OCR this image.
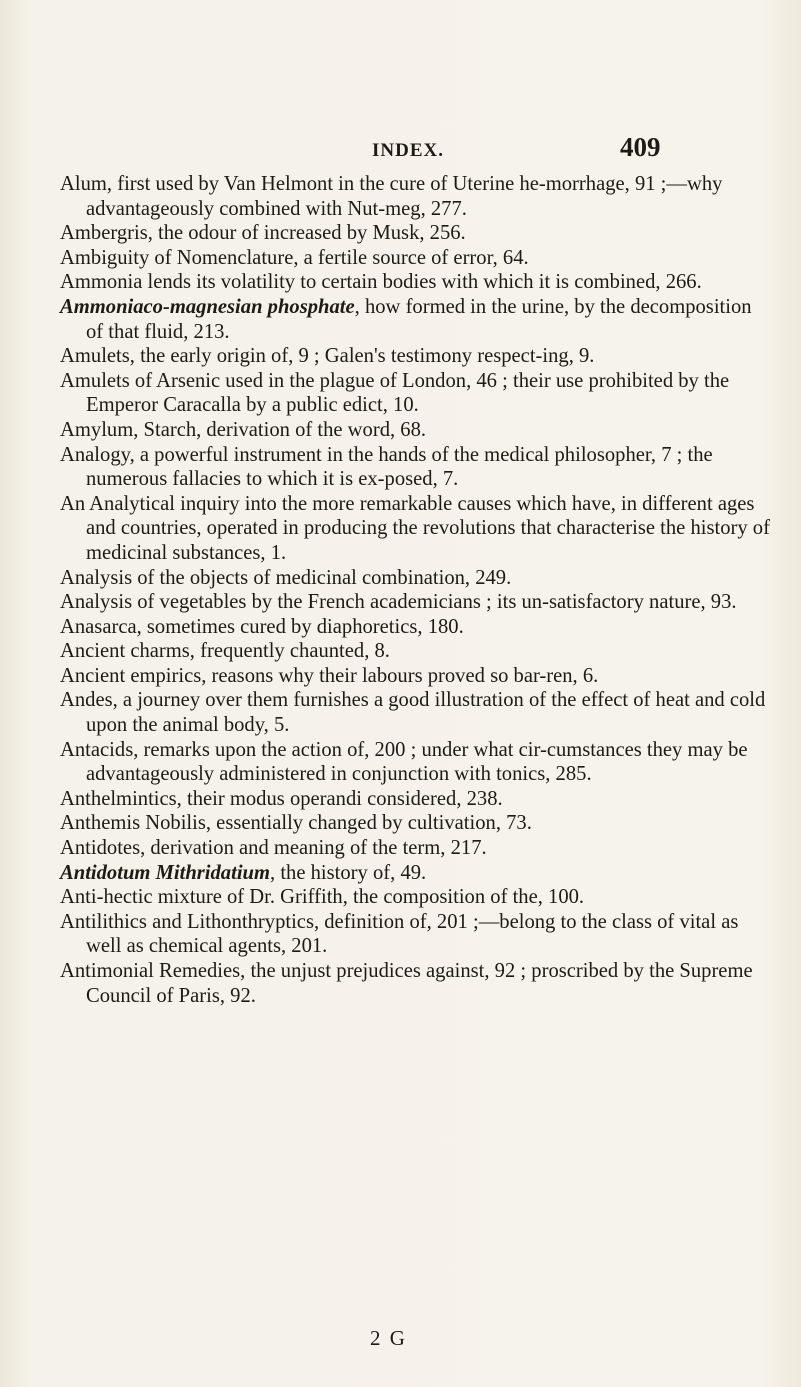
INDEX.	409
Alum, first used by Van Helmont in the cure of Uterine he-morrhage, 91 ;—why advantageously combined with Nut-meg, 277.
Ambergris, the odour of increased by Musk, 256.
Ambiguity of Nomenclature, a fertile source of error, 64.
Ammonia lends its volatility to certain bodies with which it is combined, 266.
Ammoniaco-magnesian phosphate, how formed in the urine, by the decomposition of that fluid, 213.
Amulets, the early origin of, 9 ; Galen's testimony respect-ing, 9.
Amulets of Arsenic used in the plague of London, 46 ; their use prohibited by the Emperor Caracalla by a public edict, 10.
Amylum, Starch, derivation of the word, 68.
Analogy, a powerful instrument in the hands of the medical philosopher, 7 ; the numerous fallacies to which it is ex-posed, 7.
An Analytical inquiry into the more remarkable causes which have, in different ages and countries, operated in producing the revolutions that characterise the history of medicinal substances, 1.
Analysis of the objects of medicinal combination, 249.
Analysis of vegetables by the French academicians ; its un-satisfactory nature, 93.
Anasarca, sometimes cured by diaphoretics, 180.
Ancient charms, frequently chaunted, 8.
Ancient empirics, reasons why their labours proved so bar-ren, 6.
Andes, a journey over them furnishes a good illustration of the effect of heat and cold upon the animal body, 5.
Antacids, remarks upon the action of, 200 ; under what cir-cumstances they may be advantageously administered in conjunction with tonics, 285.
Anthelmintics, their modus operandi considered, 238.
Anthemis Nobilis, essentially changed by cultivation, 73.
Antidotes, derivation and meaning of the term, 217.
Antidotum Mithridatium, the history of, 49.
Anti-hectic mixture of Dr. Griffith, the composition of the, 100.
Antilithics and Lithonthryptics, definition of, 201 ;—belong to the class of vital as well as chemical agents, 201.
Antimonial Remedies, the unjust prejudices against, 92 ; proscribed by the Supreme Council of Paris, 92.
2 G
